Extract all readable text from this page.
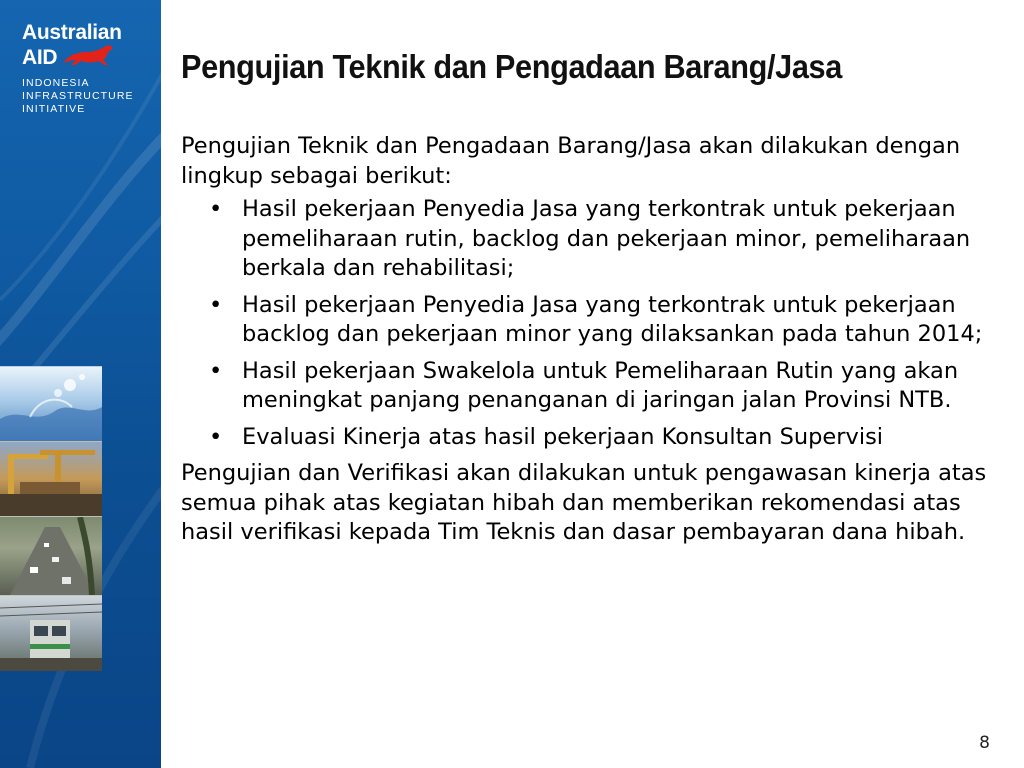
Australian
AID
INDONESIA
INFRASTRUCTURE
INITIATIVE
Pengujian Teknik dan Pengadaan Barang/Jasa

Pengujian Teknik dan Pengadaan Barang/Jasa akan dilakukan dengan lingkup sebagai berikut:

• Hasil pekerjaan Penyedia Jasa yang terkontrak untuk pekerjaan pemeliharaan rutin, backlog dan pekerjaan minor, pemeliharaan berkala dan rehabilitasi;
• Hasil pekerjaan Penyedia Jasa yang terkontrak untuk pekerjaan backlog dan pekerjaan minor yang dilaksankan pada tahun 2014;
• Hasil pekerjaan Swakelola untuk Pemeliharaan Rutin yang akan meningkat panjang penanganan di jaringan jalan Provinsi NTB.
• Evaluasi Kinerja atas hasil pekerjaan Konsultan Supervisi

Pengujian dan Verifikasi akan dilakukan untuk pengawasan kinerja atas semua pihak atas kegiatan hibah dan memberikan rekomendasi atas hasil verifikasi kepada Tim Teknis dan dasar pembayaran dana hibah.

8
